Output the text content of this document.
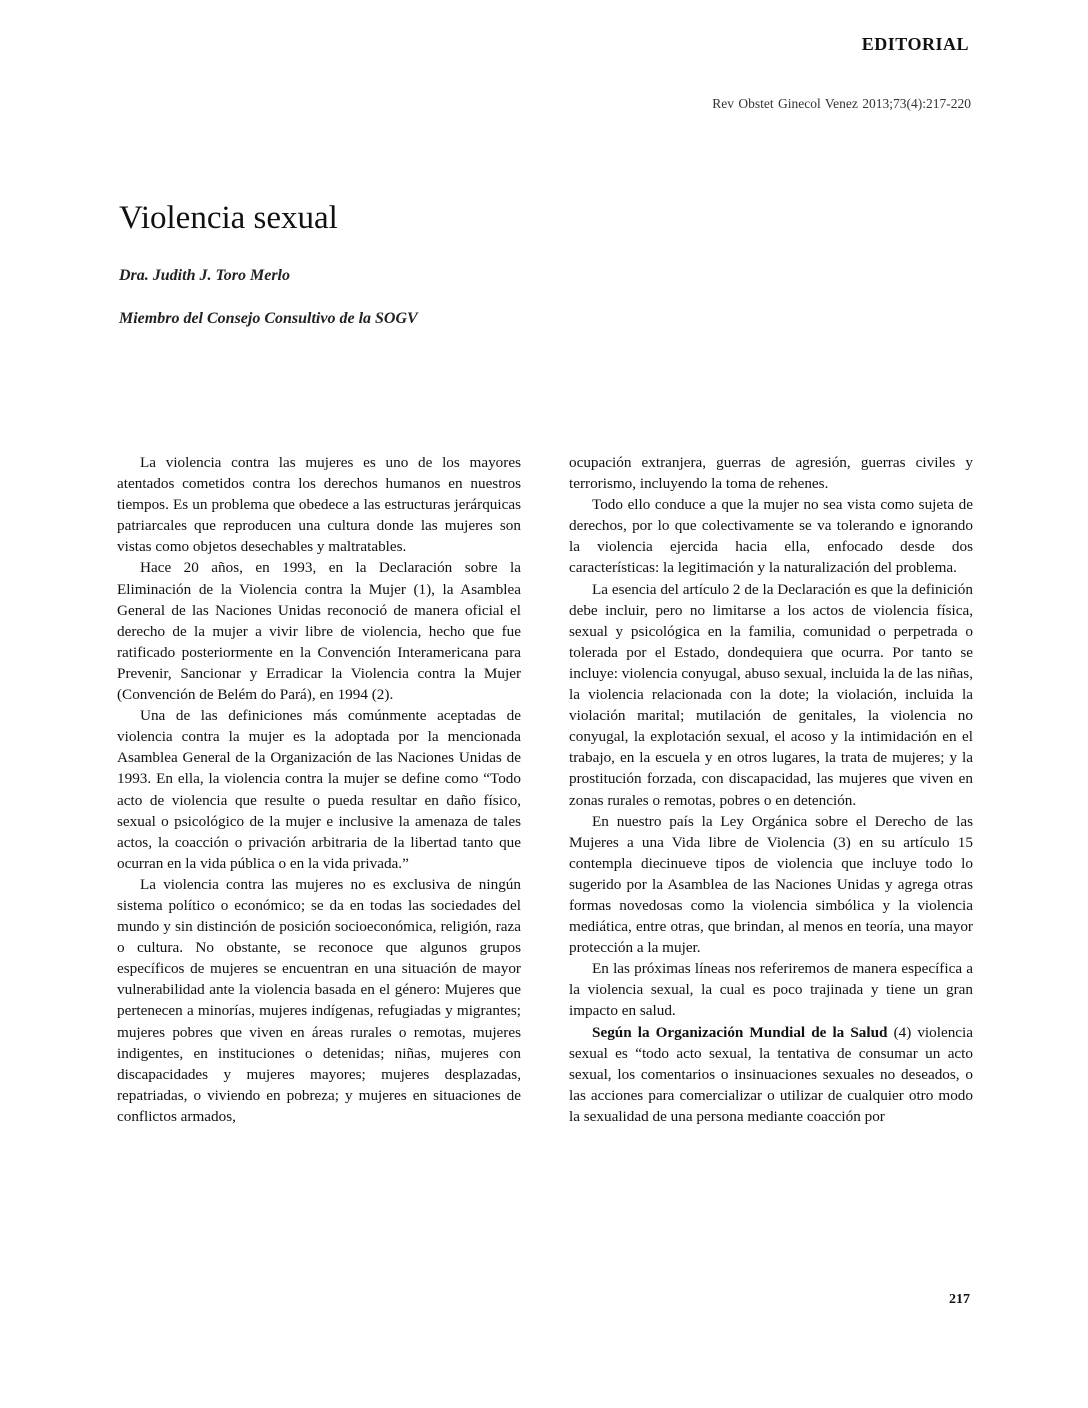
EDITORIAL
Rev Obstet Ginecol Venez 2013;73(4):217-220
Violencia sexual
Dra. Judith J. Toro Merlo
Miembro del Consejo Consultivo de la SOGV

La violencia contra las mujeres es uno de los mayores atentados cometidos contra los derechos humanos en nuestros tiempos. Es un problema que obedece a las estructuras jerárquicas patriarcales que reproducen una cultura donde las mujeres son vistas como objetos desechables y maltratables.

Hace 20 años, en 1993, en la Declaración sobre la Eliminación de la Violencia contra la Mujer (1), la Asamblea General de las Naciones Unidas reconoció de manera oficial el derecho de la mujer a vivir libre de violencia, hecho que fue ratificado posteriormente en la Convención Interamericana para Prevenir, Sancionar y Erradicar la Violencia contra la Mujer (Convención de Belém do Pará), en 1994 (2).

Una de las definiciones más comúnmente aceptadas de violencia contra la mujer es la adoptada por la mencionada Asamblea General de la Organización de las Naciones Unidas de 1993. En ella, la violencia contra la mujer se define como “Todo acto de violencia que resulte o pueda resultar en daño físico, sexual o psicológico de la mujer e inclusive la amenaza de tales actos, la coacción o privación arbitraria de la libertad tanto que ocurran en la vida pública o en la vida privada.”

La violencia contra las mujeres no es exclusiva de ningún sistema político o económico; se da en todas las sociedades del mundo y sin distinción de posición socioeconómica, religión, raza o cultura. No obstante, se reconoce que algunos grupos específicos de mujeres se encuentran en una situación de mayor vulnerabilidad ante la violencia basada en el género: Mujeres que pertenecen a minorías, mujeres indígenas, refugiadas y migrantes; mujeres pobres que viven en áreas rurales o remotas, mujeres indigentes, en instituciones o detenidas; niñas, mujeres con discapacidades y mujeres mayores; mujeres desplazadas, repatriadas, o viviendo en pobreza; y mujeres en situaciones de conflictos armados,

ocupación extranjera, guerras de agresión, guerras civiles y terrorismo, incluyendo la toma de rehenes.

Todo ello conduce a que la mujer no sea vista como sujeta de derechos, por lo que colectivamente se va tolerando e ignorando la violencia ejercida hacia ella, enfocado desde dos características: la legitimación y la naturalización del problema.

La esencia del artículo 2 de la Declaración es que la definición debe incluir, pero no limitarse a los actos de violencia física, sexual y psicológica en la familia, comunidad o perpetrada o tolerada por el Estado, dondequiera que ocurra. Por tanto se incluye: violencia conyugal, abuso sexual, incluida la de las niñas, la violencia relacionada con la dote; la violación, incluida la violación marital; mutilación de genitales, la violencia no conyugal, la explotación sexual, el acoso y la intimidación en el trabajo, en la escuela y en otros lugares, la trata de mujeres; y la prostitución forzada, con discapacidad, las mujeres que viven en zonas rurales o remotas, pobres o en detención.

En nuestro país la Ley Orgánica sobre el Derecho de las Mujeres a una Vida libre de Violencia (3) en su artículo 15 contempla diecinueve tipos de violencia que incluye todo lo sugerido por la Asamblea de las Naciones Unidas y agrega otras formas novedosas como la violencia simbólica y la violencia mediática, entre otras, que brindan, al menos en teoría, una mayor protección a la mujer.

En las próximas líneas nos referiremos de manera específica a la violencia sexual, la cual es poco trajinada y tiene un gran impacto en salud.

Según la Organización Mundial de la Salud (4) violencia sexual es “todo acto sexual, la tentativa de consumar un acto sexual, los comentarios o insinuaciones sexuales no deseados, o las acciones para comercializar o utilizar de cualquier otro modo la sexualidad de una persona mediante coacción por

217
